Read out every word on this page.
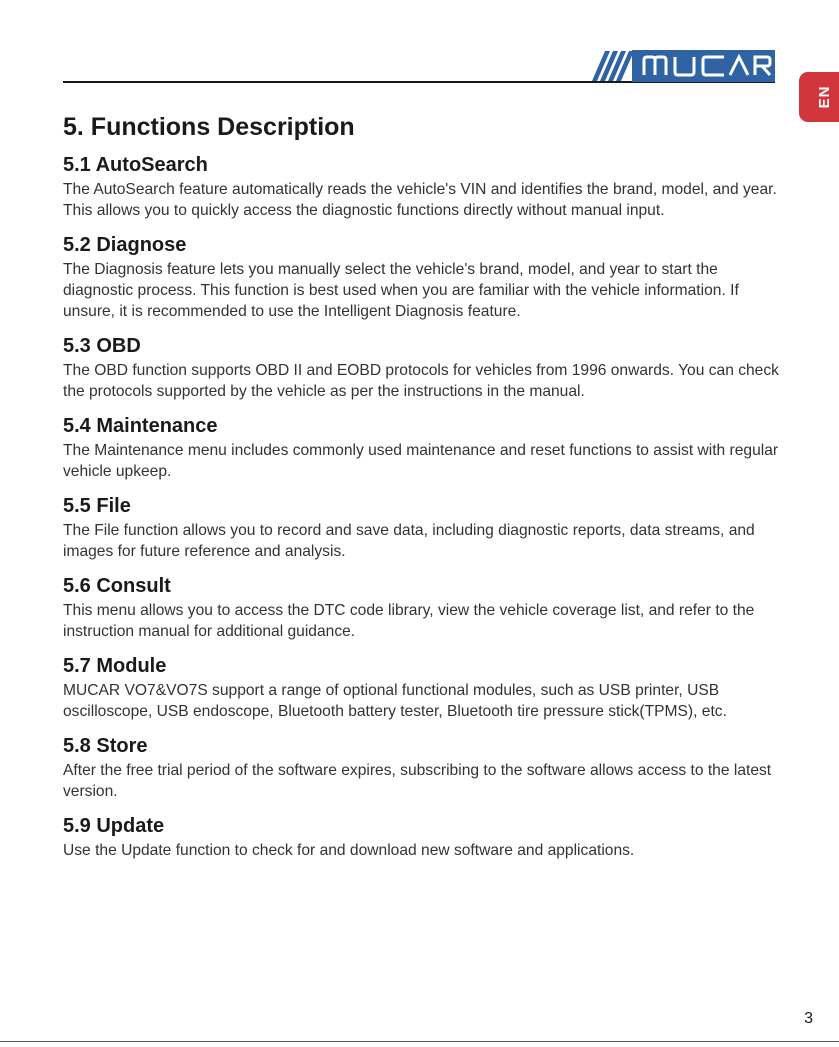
EN
5. Functions Description
5.1 AutoSearch

The AutoSearch feature automatically reads the vehicle's VIN and identifies the brand, model, and year. This allows you to quickly access the diagnostic functions directly without manual input.

5.2 Diagnose

The Diagnosis feature lets you manually select the vehicle's brand, model, and year to start the diagnostic process. This function is best used when you are familiar with the vehicle information. If unsure, it is recommended to use the Intelligent Diagnosis feature.

5.3 OBD

The OBD function supports OBD II and EOBD protocols for vehicles from 1996 onwards. You can check the protocols supported by the vehicle as per the instructions in the manual.

5.4 Maintenance

The Maintenance menu includes commonly used maintenance and reset functions to assist with regular vehicle upkeep.

5.5 File

The File function allows you to record and save data, including diagnostic reports, data streams, and images for future reference and analysis.

5.6 Consult

This menu allows you to access the DTC code library, view the vehicle coverage list, and refer to the instruction manual for additional guidance.

5.7 Module

MUCAR VO7&VO7S support a range of optional functional modules, such as USB printer, USB oscilloscope, USB endoscope, Bluetooth battery tester, Bluetooth tire pressure stick(TPMS), etc.

5.8 Store

After the free trial period of the software expires, subscribing to the software allows access to the latest version.

5.9 Update

Use the Update function to check for and download new software and applications.

3
